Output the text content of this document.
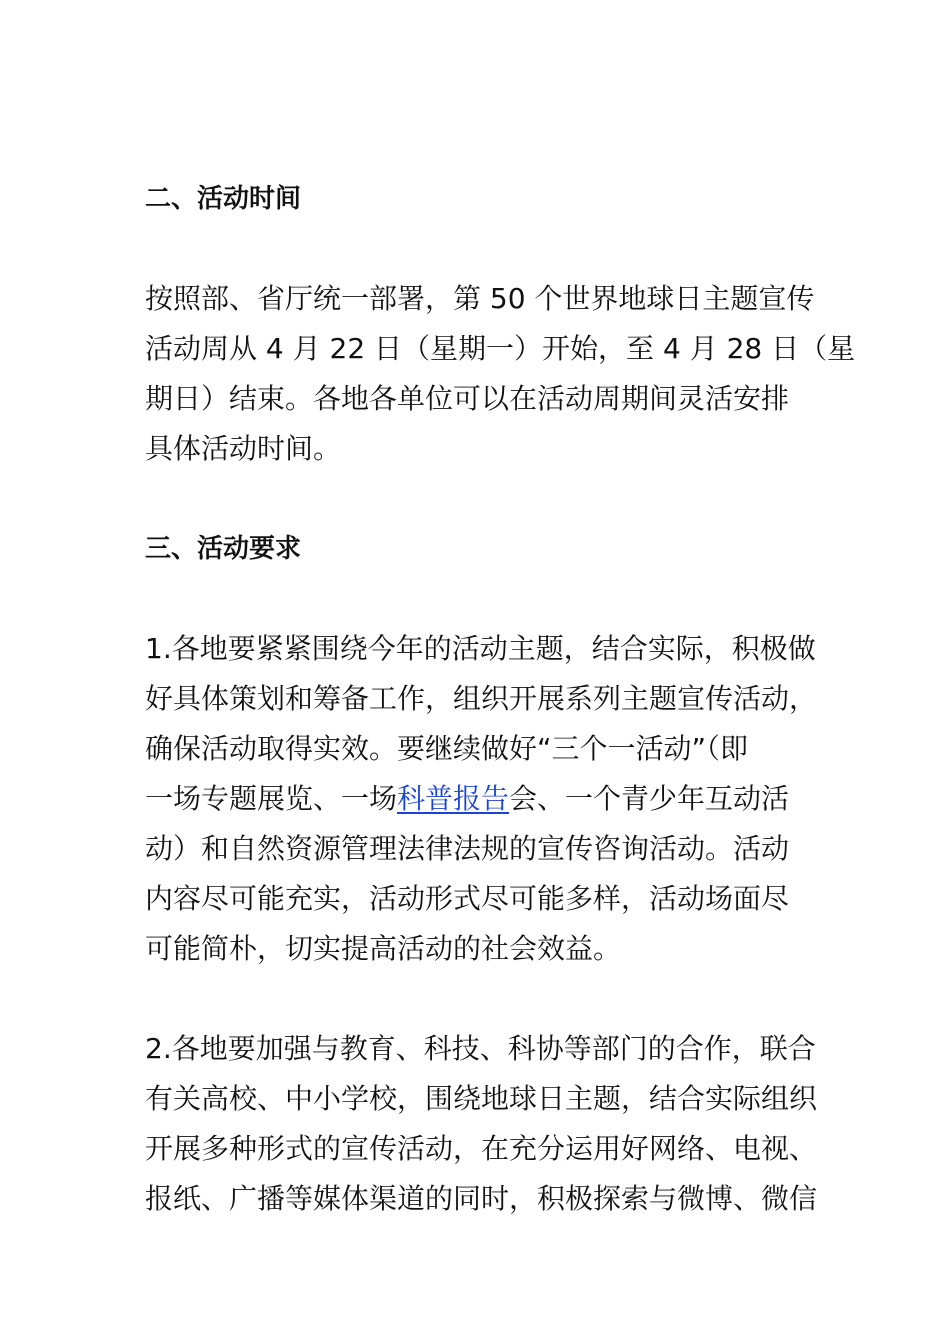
二、活动时间

按照部、省厅统一部署，第 50 个世界地球日主题宣传
活动周从 4 月 22 日（星期一）开始，至 4 月 28 日（星
期日）结束。各地各单位可以在活动周期间灵活安排
具体活动时间。

三、活动要求

1.各地要紧紧围绕今年的活动主题，结合实际，积极做
好具体策划和筹备工作，组织开展系列主题宣传活动，
确保活动取得实效。要继续做好“三个一活动”（即
一场专题展览、一场科普报告会、一个青少年互动活
动）和自然资源管理法律法规的宣传咨询活动。活动
内容尽可能充实，活动形式尽可能多样，活动场面尽
可能简朴，切实提高活动的社会效益。

2.各地要加强与教育、科技、科协等部门的合作，联合
有关高校、中小学校，围绕地球日主题，结合实际组织
开展多种形式的宣传活动，在充分运用好网络、电视、
报纸、广播等媒体渠道的同时，积极探索与微博、微信
